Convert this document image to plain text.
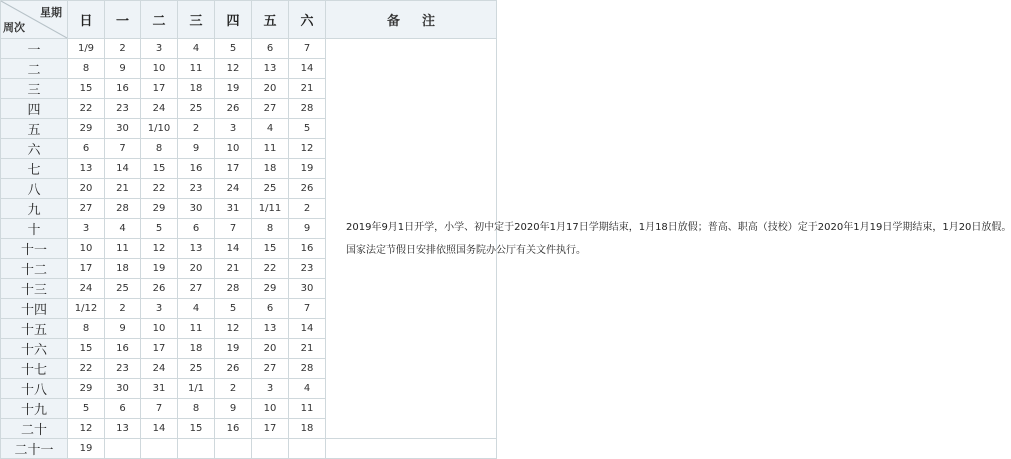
星期
周次	日	一	二	三	四	五	六	备注
一	1/9	2	3	4	5	6	7	2019年9月1日开学，小学、初中定于2020年1月17日学期结束，1月18日放假；普高、职高（技校）定于2020年1月19日学期结束，1月20日放假。
国家法定节假日安排依照国务院办公厅有关文件执行。

二	8	9	10	11	12	13	14	
三	15	16	17	18	19	20	21	
四	22	23	24	25	26	27	28	
五	29	30	1/10	2	3	4	5	
六	6	7	8	9	10	11	12	
七	13	14	15	16	17	18	19	
八	20	21	22	23	24	25	26	
九	27	28	29	30	31	1/11	2	
十	3	4	5	6	7	8	9	
十一	10	11	12	13	14	15	16	
十二	17	18	19	20	21	22	23	
十三	24	25	26	27	28	29	30	
十四	1/12	2	3	4	5	6	7	
十五	8	9	10	11	12	13	14	
十六	15	16	17	18	19	20	21	
十七	22	23	24	25	26	27	28	
十八	29	30	31	1/1	2	3	4	
十九	5	6	7	8	9	10	11	
二十	12	13	14	15	16	17	18	
二十一	19							
